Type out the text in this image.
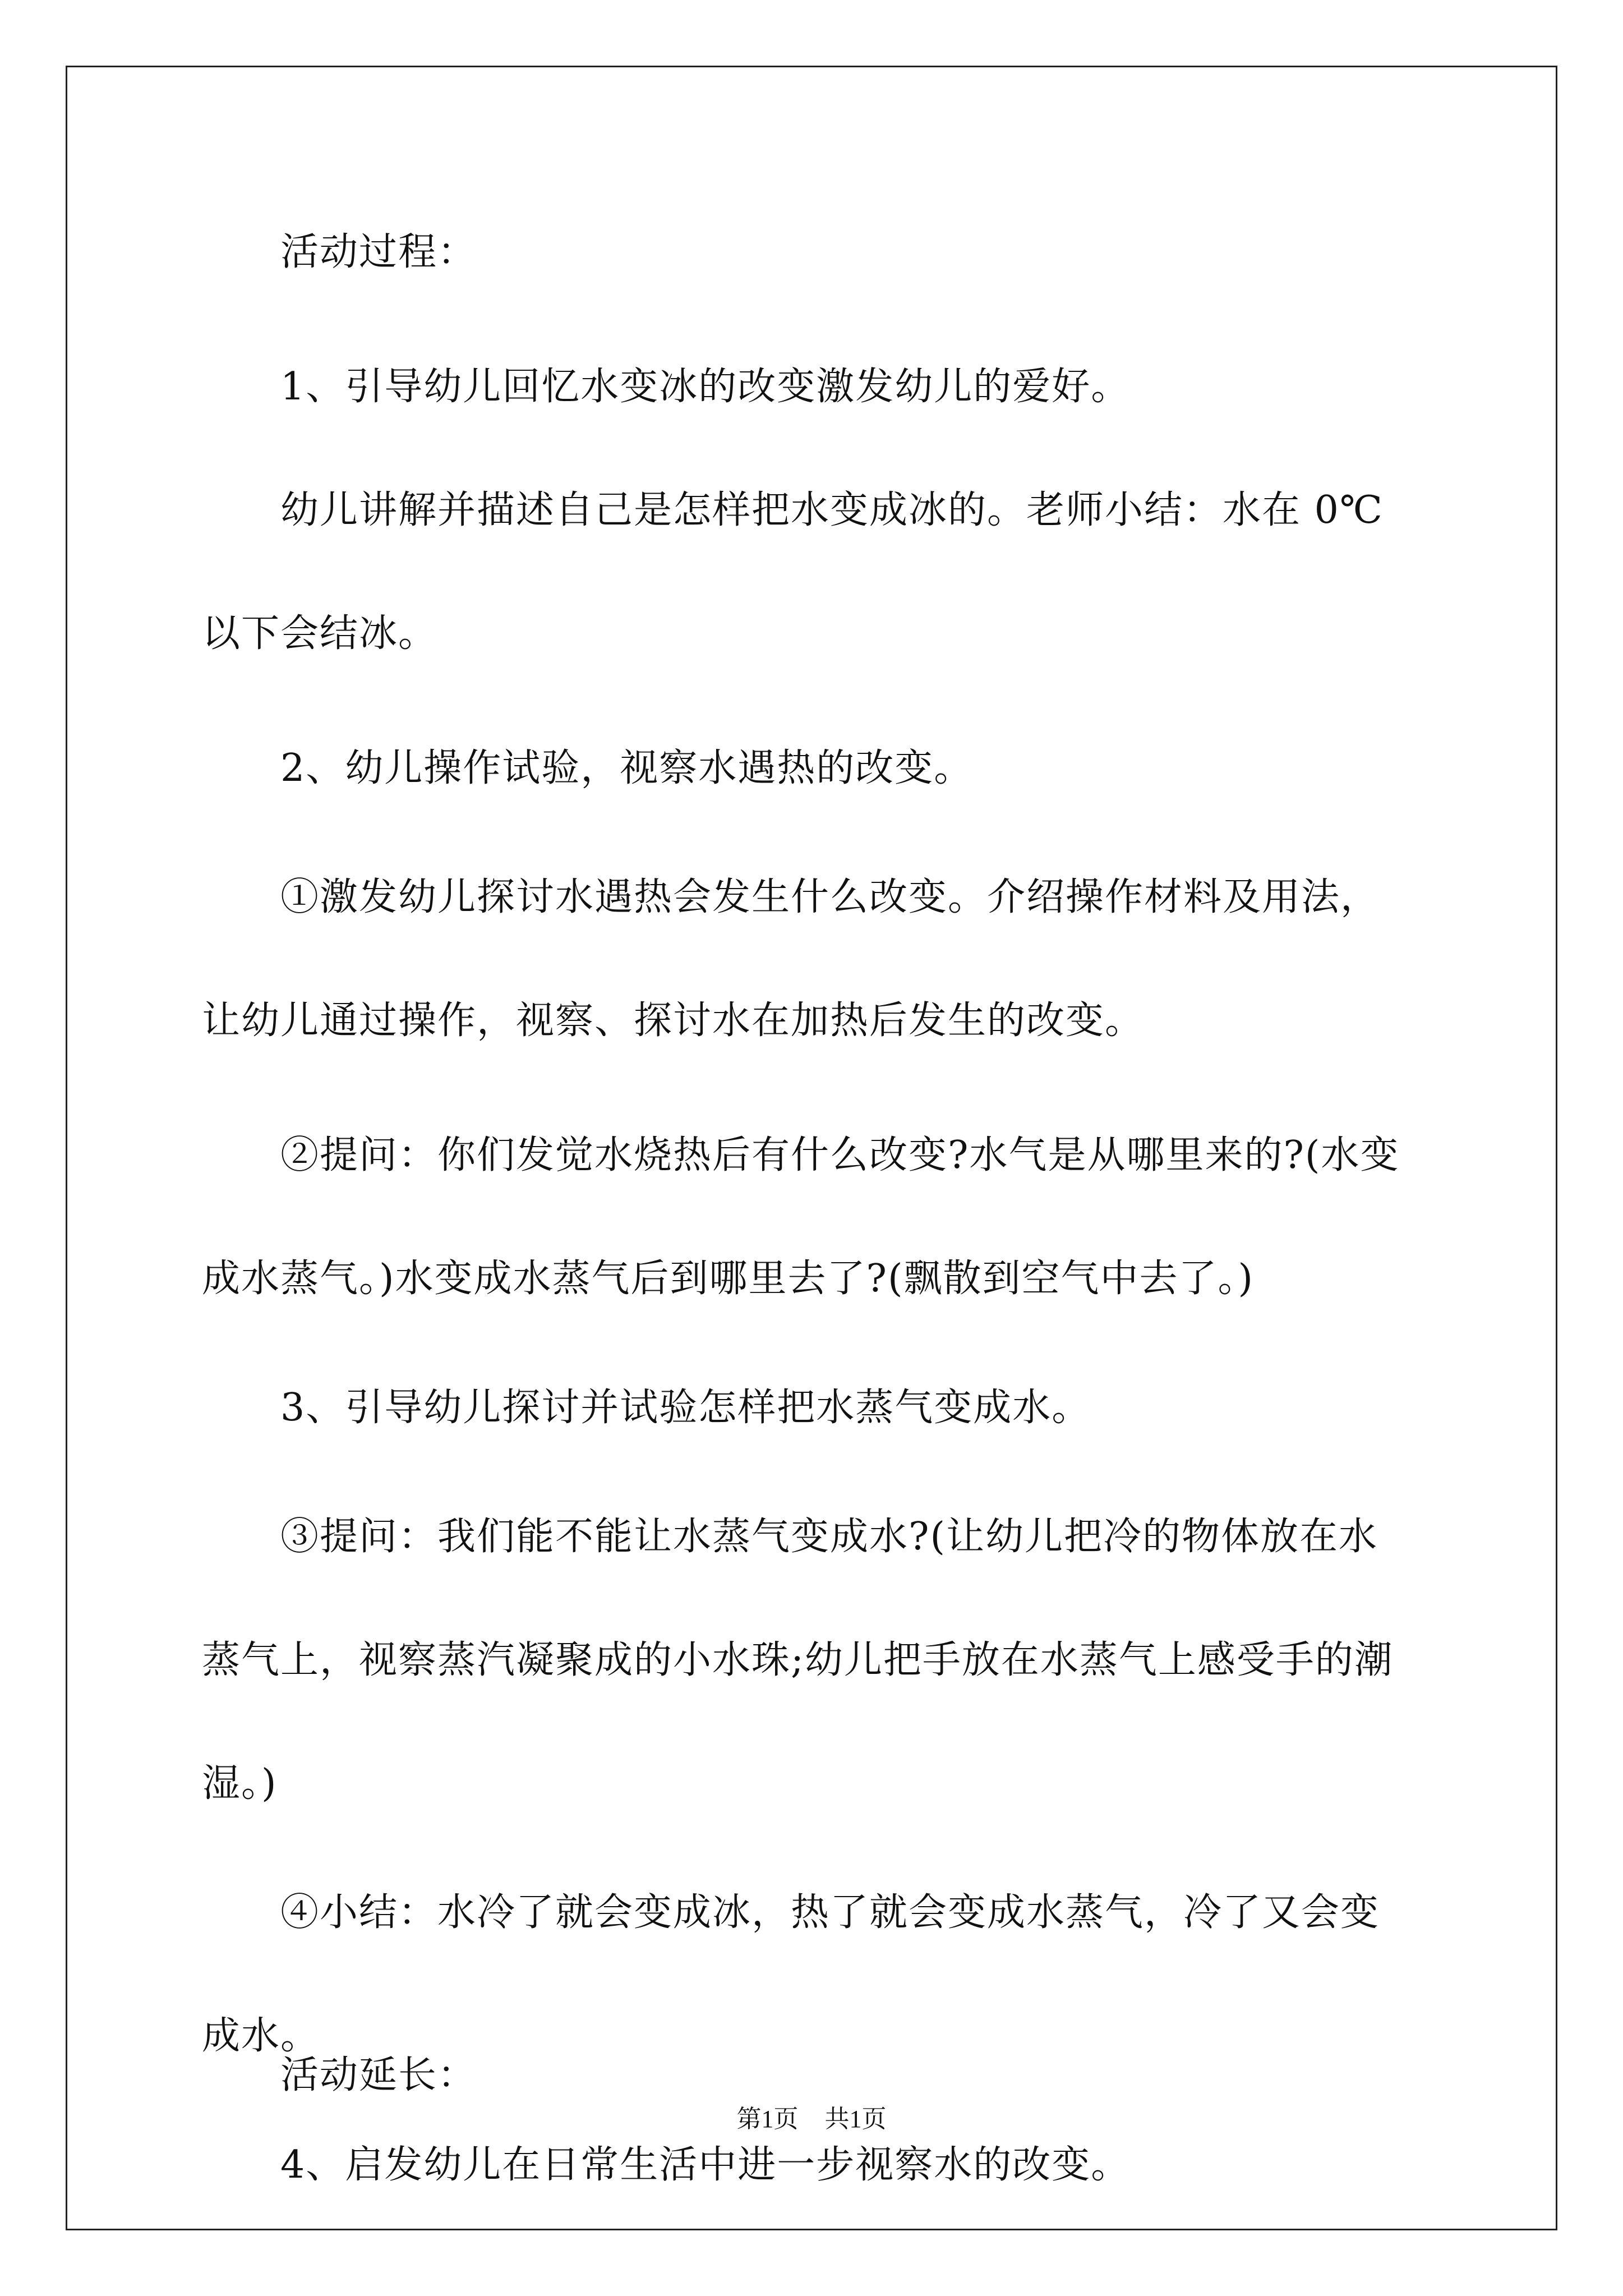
活动过程：
1、引导幼儿回忆水变冰的改变激发幼儿的爱好。
幼儿讲解并描述自己是怎样把水变成冰的。老师小结：水在 0℃
以下会结冰。
2、幼儿操作试验，视察水遇热的改变。
①激发幼儿探讨水遇热会发生什么改变。介绍操作材料及用法，
让幼儿通过操作，视察、探讨水在加热后发生的改变。
②提问：你们发觉水烧热后有什么改变?水气是从哪里来的?(水变
成水蒸气。)水变成水蒸气后到哪里去了?(飘散到空气中去了。)
3、引导幼儿探讨并试验怎样把水蒸气变成水。
③提问：我们能不能让水蒸气变成水?(让幼儿把冷的物体放在水
蒸气上，视察蒸汽凝聚成的小水珠;幼儿把手放在水蒸气上感受手的潮
湿。)
④小结：水冷了就会变成冰，热了就会变成水蒸气，冷了又会变
成水。
4、启发幼儿在日常生活中进一步视察水的改变。
活动延长：
第1页 共1页
